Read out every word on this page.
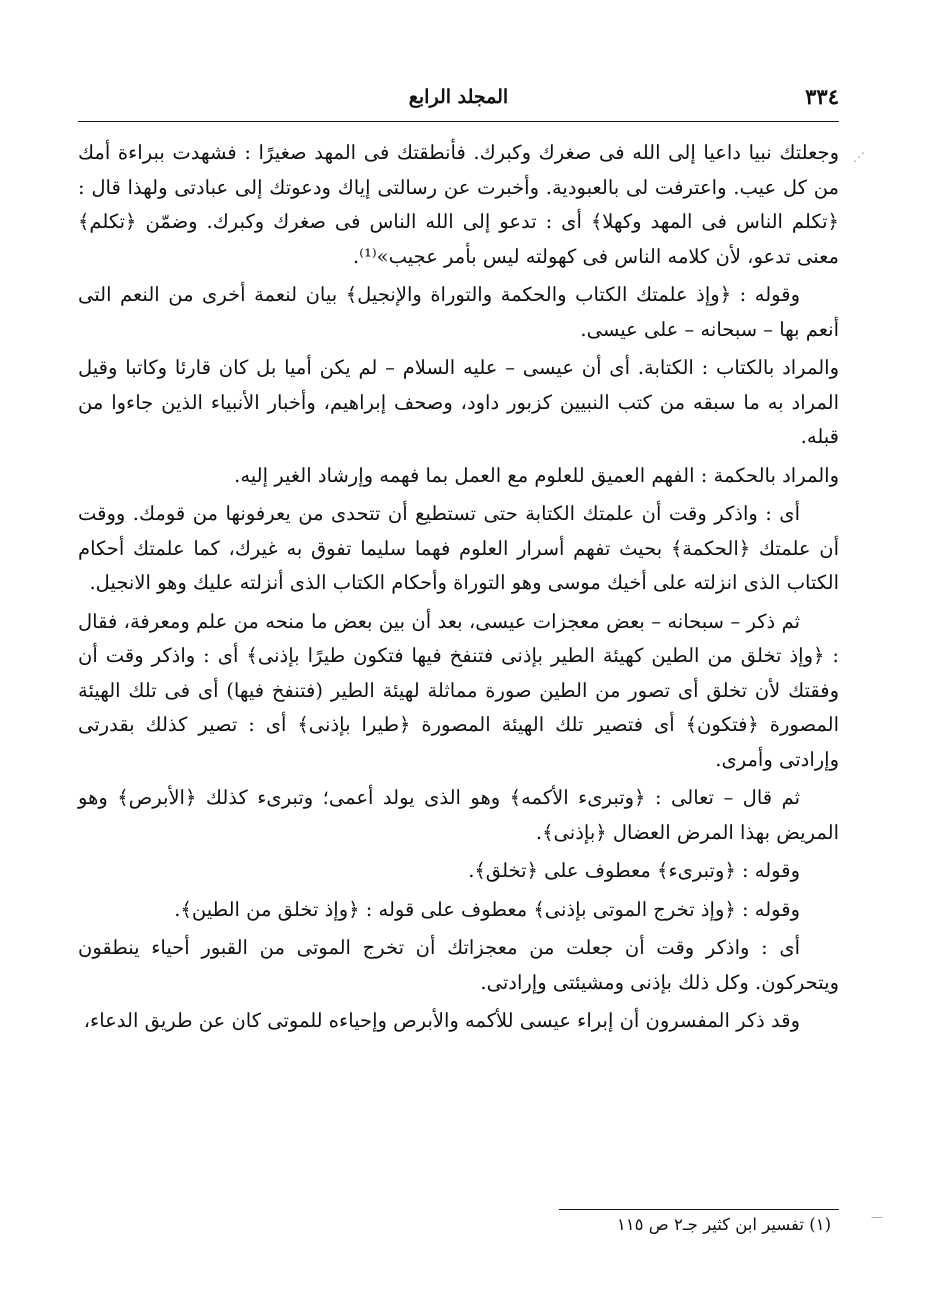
٣٣٤
المجلد الرابع

وجعلتك نبيا داعيا إلى الله فى صغرك وكبرك. فأنطقتك فى المهد صغيرًا : فشهدت ببراءة أمك من كل عيب. واعترفت لى بالعبودية. وأخبرت عن رسالتى إياك ودعوتك إلى عبادتى ولهذا قال : ﴿تكلم الناس فى المهد وكهلا﴾ أى : تدعو إلى الله الناس فى صغرك وكبرك. وضمّن ﴿تكلم﴾ معنى تدعو، لأن كلامه الناس فى كهولته ليس بأمر عجيب»⁽¹⁾.

وقوله : ﴿وإذ علمتك الكتاب والحكمة والتوراة والإنجيل﴾ بيان لنعمة أخرى من النعم التى أنعم بها – سبحانه – على عيسى.

والمراد بالكتاب : الكتابة. أى أن عيسى – عليه السلام – لم يكن أميا بل كان قارئا وكاتبا وقيل المراد به ما سبقه من كتب النبيين كزبور داود، وصحف إبراهيم، وأخبار الأنبياء الذين جاءوا من قبله.

والمراد بالحكمة : الفهم العميق للعلوم مع العمل بما فهمه وإرشاد الغير إليه.

أى : واذكر وقت أن علمتك الكتابة حتى تستطيع أن تتحدى من يعرفونها من قومك. ووقت أن علمتك ﴿الحكمة﴾ بحيث تفهم أسرار العلوم فهما سليما تفوق به غيرك، كما علمتك أحكام الكتاب الذى انزلته على أخيك موسى وهو التوراة وأحكام الكتاب الذى أنزلته عليك وهو الانجيل.

ثم ذكر – سبحانه – بعض معجزات عيسى، بعد أن بين بعض ما منحه من علم ومعرفة، فقال : ﴿وإذ تخلق من الطين كهيئة الطير بإذنى فتنفخ فيها فتكون طيرًا بإذنى﴾ أى : واذكر وقت أن وفقتك لأن تخلق أى تصور من الطين صورة مماثلة لهيئة الطير (فتنفخ فيها) أى فى تلك الهيئة المصورة ﴿فتكون﴾ أى فتصير تلك الهيئة المصورة ﴿طيرا بإذنى﴾ أى : تصير كذلك بقدرتى وإرادتى وأمرى.

ثم قال – تعالى : ﴿وتبرىء الأكمه﴾ وهو الذى يولد أعمى؛ وتبرىء كذلك ﴿الأبرص﴾ وهو المريض بهذا المرض العضال ﴿بإذنى﴾.

وقوله : ﴿وتبرىء﴾ معطوف على ﴿تخلق﴾.

وقوله : ﴿وإذ تخرج الموتى بإذنى﴾ معطوف على قوله : ﴿وإذ تخلق من الطين﴾.

أى : واذكر وقت أن جعلت من معجزاتك أن تخرج الموتى من القبور أحياء ينطقون ويتحركون. وكل ذلك بإذنى ومشيئتى وإرادتى.

وقد ذكر المفسرون أن إبراء عيسى للأكمه والأبرص وإحياءه للموتى كان عن طريق الدعاء،

(١) تفسير ابن كثير جـ٢ ص ١١٥
⋰
—
